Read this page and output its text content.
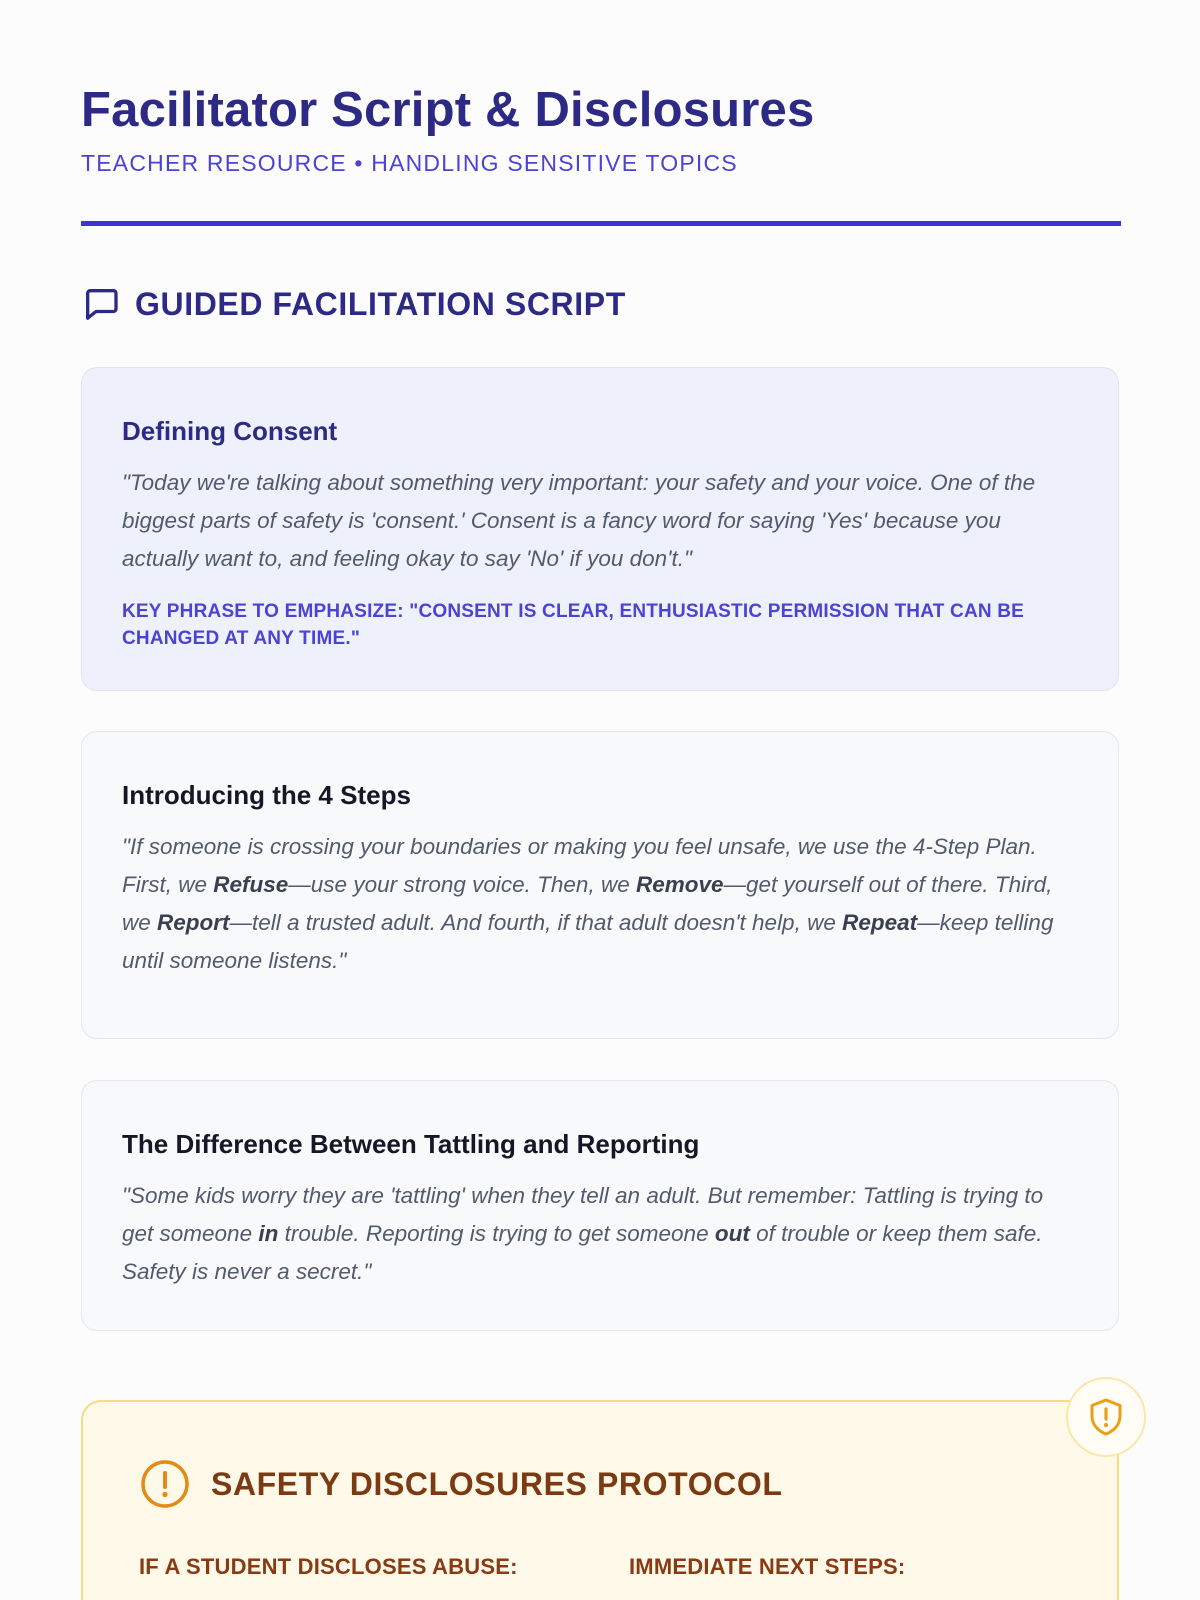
Facilitator Script & Disclosures
TEACHER RESOURCE • HANDLING SENSITIVE TOPICS
GUIDED FACILITATION SCRIPT
Defining Consent
"Today we're talking about something very important: your safety and your voice. One of the biggest parts of safety is 'consent.' Consent is a fancy word for saying 'Yes' because you actually want to, and feeling okay to say 'No' if you don't."
KEY PHRASE TO EMPHASIZE: "CONSENT IS CLEAR, ENTHUSIASTIC PERMISSION THAT CAN BE CHANGED AT ANY TIME."
Introducing the 4 Steps
"If someone is crossing your boundaries or making you feel unsafe, we use the 4-Step Plan. First, we Refuse—use your strong voice. Then, we Remove—get yourself out of there. Third, we Report—tell a trusted adult. And fourth, if that adult doesn't help, we Repeat—keep telling until someone listens."
The Difference Between Tattling and Reporting
"Some kids worry they are 'tattling' when they tell an adult. But remember: Tattling is trying to get someone in trouble. Reporting is trying to get someone out of trouble or keep them safe. Safety is never a secret."
SAFETY DISCLOSURES PROTOCOL
IF A STUDENT DISCLOSES ABUSE:	IMMEDIATE NEXT STEPS:
